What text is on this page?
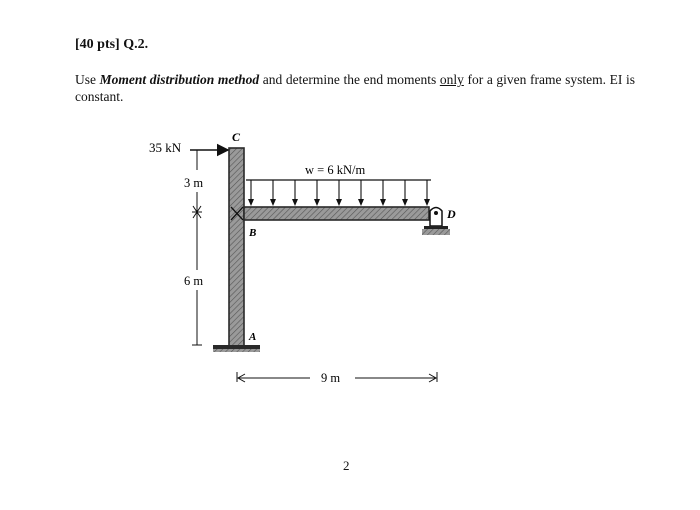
[40 pts] Q.2.

Use Moment distribution method and determine the end moments only for a given frame system. EI is constant.

35 kN
w = 6 kN/m
C
B
A
D
3 m
6 m
9 m

2
